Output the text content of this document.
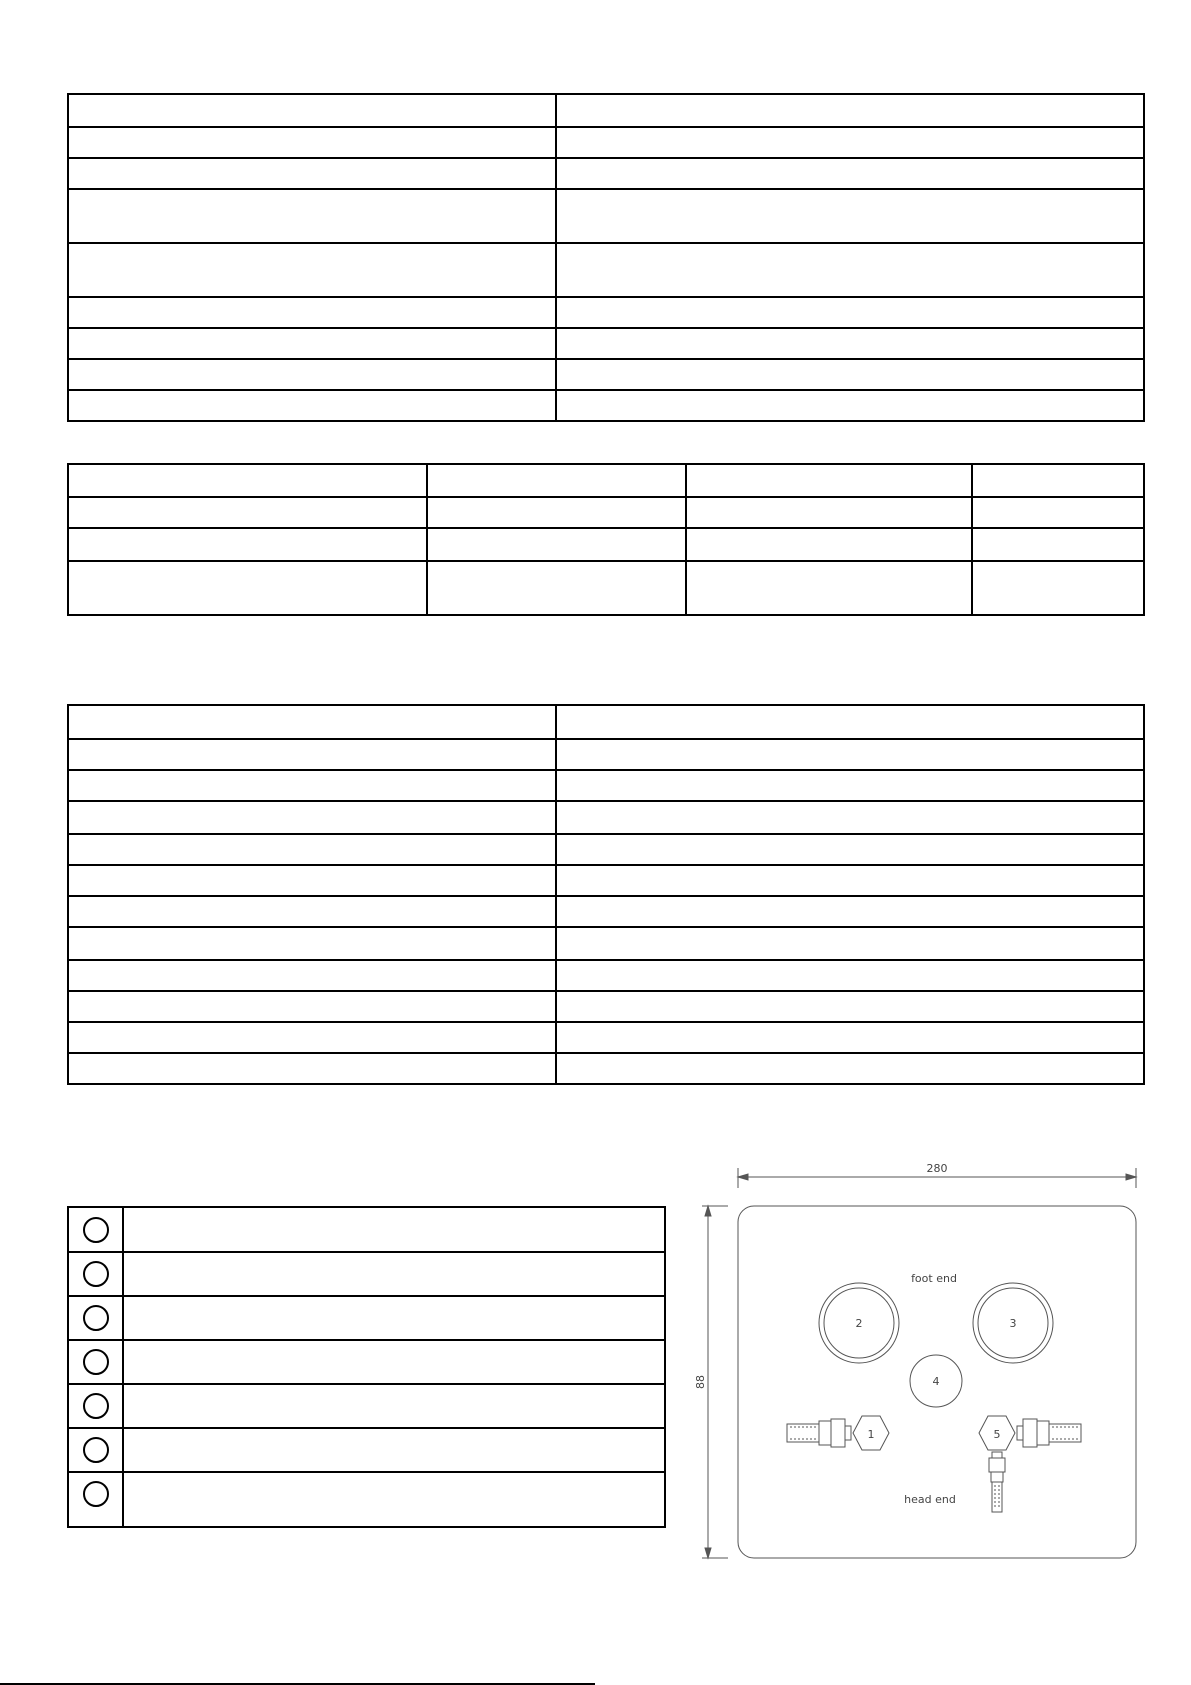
280
88
foot end
head end
1
2	3
4
5
